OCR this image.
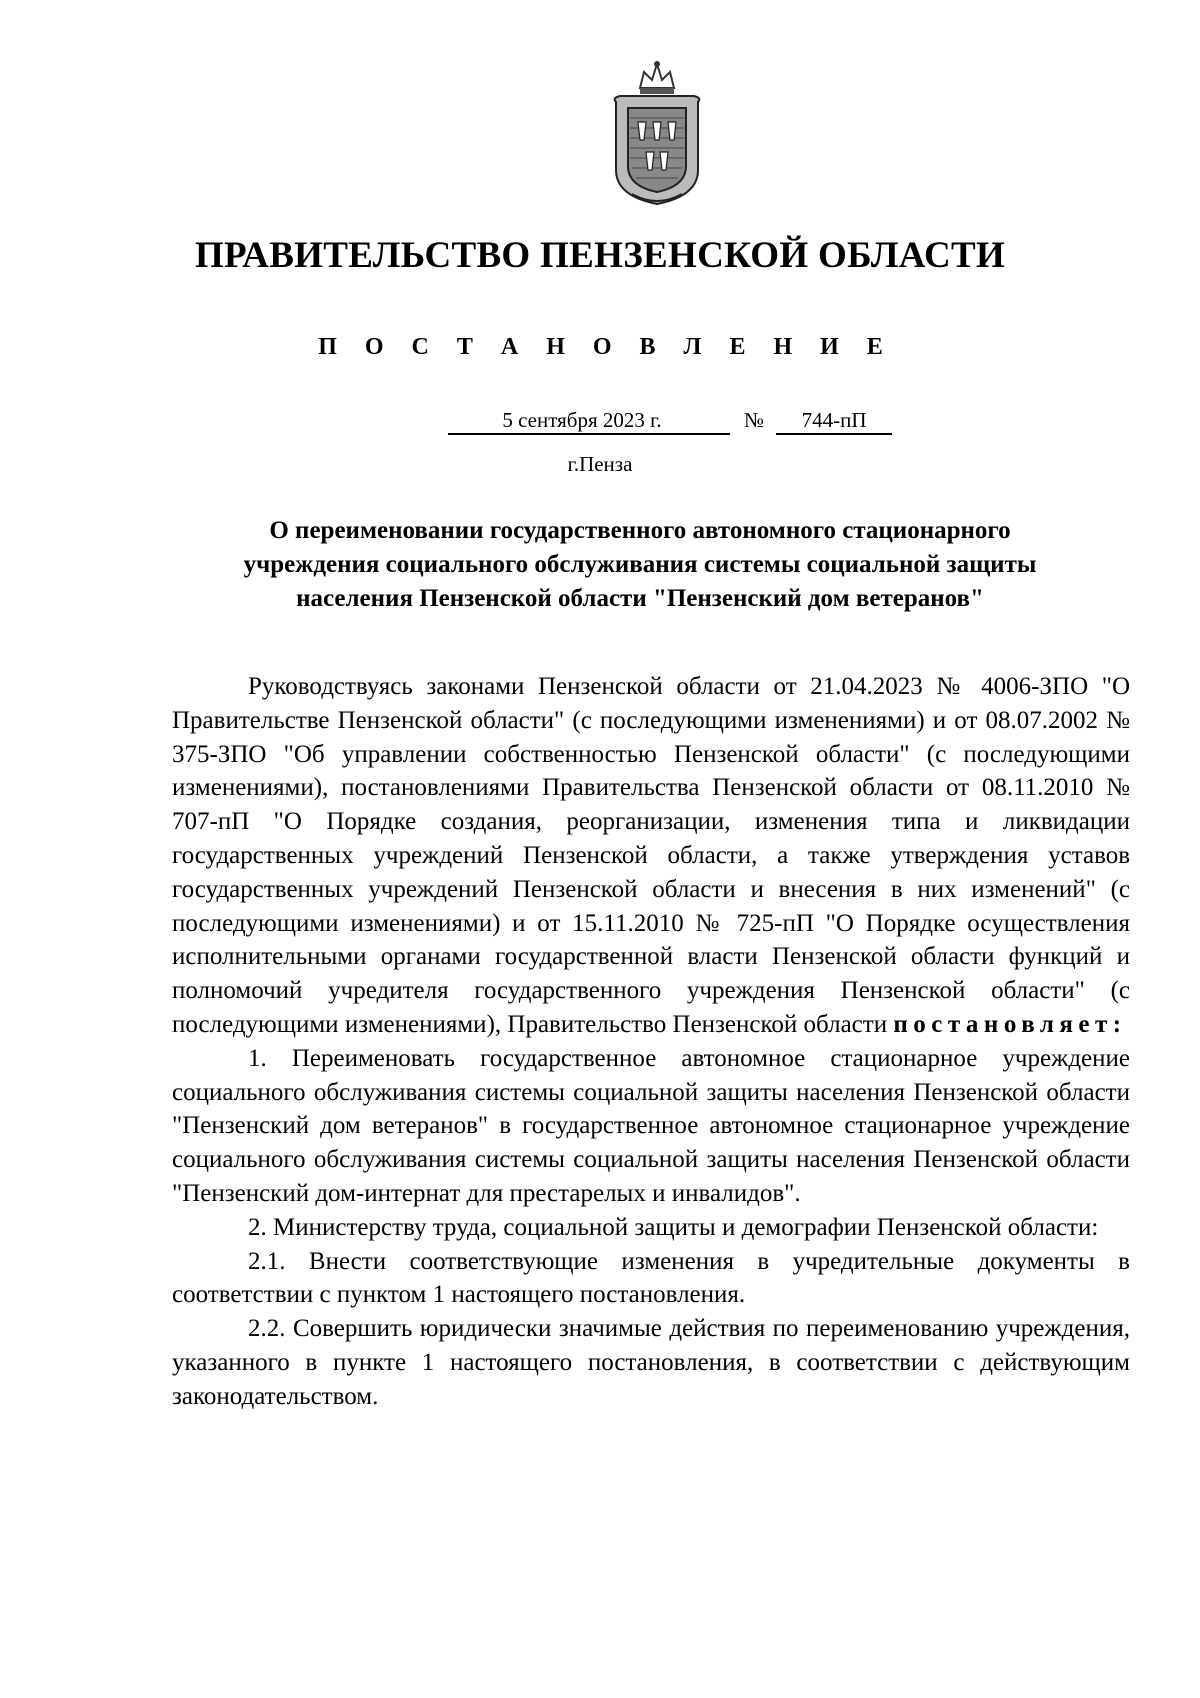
ПРАВИТЕЛЬСТВО ПЕНЗЕНСКОЙ ОБЛАСТИ
П О С Т А Н О В Л Е Н И Е
5 сентября 2023 г.	№ 744-пП
г.Пенза
О переименовании государственного автономного стационарного
учреждения социального обслуживания системы социальной защиты
населения Пензенской области "Пензенский дом ветеранов"

Руководствуясь законами Пензенской области от 21.04.2023 № 4006-ЗПО "О Правительстве Пензенской области" (с последующими изменениями) и от 08.07.2002 № 375-ЗПО "Об управлении собственностью Пензенской области" (с последующими изменениями), постановлениями Правительства Пензенской области от 08.11.2010 № 707-пП "О Порядке создания, реорганизации, изменения типа и ликвидации государственных учреждений Пензенской области, а также утверждения уставов государственных учреждений Пензенской области и внесения в них изменений" (с последующими изменениями) и от 15.11.2010 № 725-пП "О Порядке осуществления исполнительными органами государственной власти Пензенской области функций и полномочий учредителя государственного учреждения Пензенской области" (с последующими изменениями), Правительство Пензенской области постановляет:

1. Переименовать государственное автономное стационарное учреждение социального обслуживания системы социальной защиты населения Пензенской области "Пензенский дом ветеранов" в государственное автономное стационарное учреждение социального обслуживания системы социальной защиты населения Пензенской области "Пензенский дом-интернат для престарелых и инвалидов".

2. Министерству труда, социальной защиты и демографии Пензенской области:

2.1. Внести соответствующие изменения в учредительные документы в соответствии с пунктом 1 настоящего постановления.

2.2. Совершить юридически значимые действия по переименованию учреждения, указанного в пункте 1 настоящего постановления, в соответствии с действующим законодательством.
